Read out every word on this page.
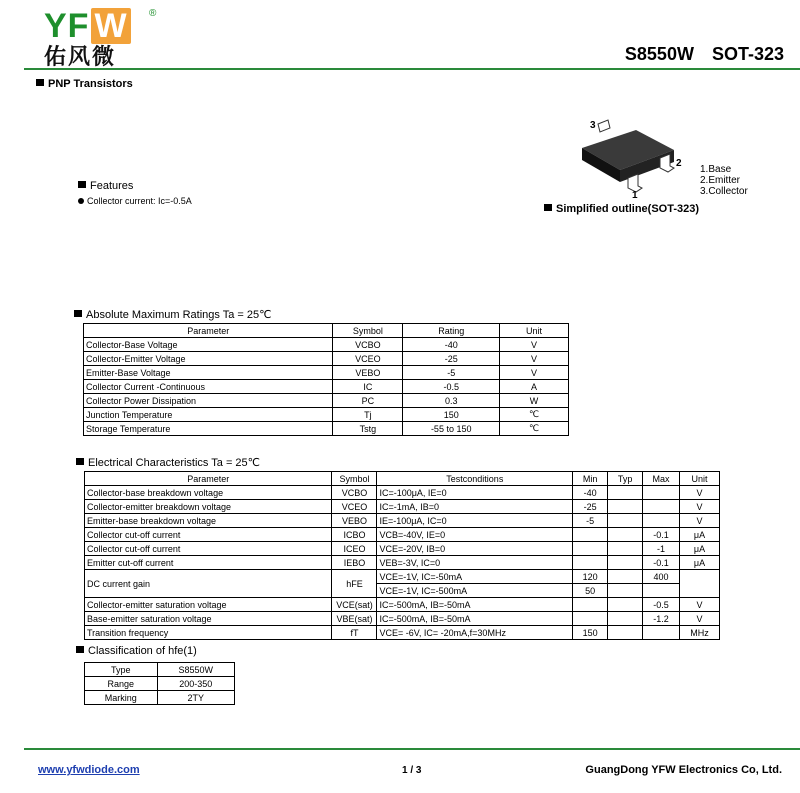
YF W	®
佑风微	S8550W SOT-323
PNP Transistors
Features
Collector current: Ic=-0.5A
3
2
1
1.Base
2.Emitter
3.Collector
Simplified outline(SOT-323)
Absolute Maximum Ratings Ta = 25℃
Parameter	Symbol	Rating	Unit
Collector-Base Voltage	VCBO	-40	V
Collector-Emitter Voltage	VCEO	-25	V
Emitter-Base Voltage	VEBO	-5	V
Collector Current -Continuous	IC	-0.5	A
Collector Power Dissipation	PC	0.3	W
Junction Temperature	Tj	150	℃
Storage Temperature	Tstg	-55 to 150	℃
Electrical Characteristics Ta = 25℃
Parameter	Symbol	Testconditions	Min	Typ	Max	Unit
Collector-base breakdown voltage	VCBO	IC=-100μA, IE=0	-40			V
Collector-emitter breakdown voltage	VCEO	IC=-1mA, IB=0	-25			V
Emitter-base breakdown voltage	VEBO	IE=-100μA, IC=0	-5			V
Collector cut-off current	ICBO	VCB=-40V, IE=0			-0.1	μA
Collector cut-off current	ICEO	VCE=-20V, IB=0			-1	μA
Emitter cut-off current	IEBO	VEB=-3V, IC=0			-0.1	μA
DC current gain	hFE	VCE=-1V, IC=-50mA	120		400	
		VCE=-1V, IC=-500mA	50			
Collector-emitter saturation voltage	VCE(sat)	IC=-500mA, IB=-50mA			-0.5	V
Base-emitter saturation voltage	VBE(sat)	IC=-500mA, IB=-50mA			-1.2	V
Transition frequency	fT	VCE= -6V, IC= -20mA,f=30MHz	150			MHz
Classification of hfe(1)
Type	S8550W
Range	200-350
Marking	2TY
www.yfwdiode.com	1 / 3	GuangDong YFW Electronics Co, Ltd.
